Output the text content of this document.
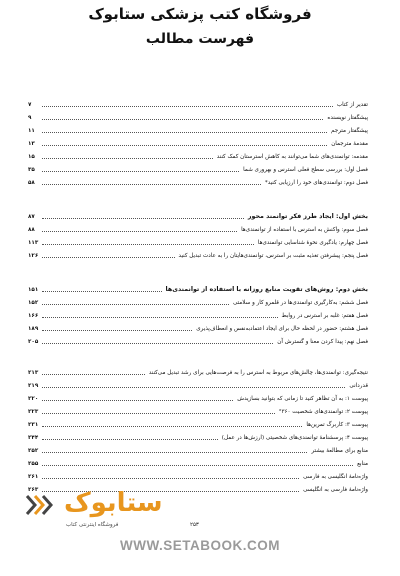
فروشگاه کتب پزشکی ستابوک
فهرست مطالب
تقدیر از کتاب
۷
پیشگفتار نویسنده
۹
پیشگفتار مترجم
۱۱
مقدمهٔ مترجمان
۱۳
مقدمه: توانمندی‌های شما می‌توانند به کاهش استرستان کمک کنند
۱۵
فصل اول: بررسی سطح فعلی استرس و بهروری شما
۳۵
فصل دوم: توانمندی‌های خود را ارزیابی کنید*
۵۸
بخش اول: ایجاد طرز فکر توانمند محور
۸۷
فصل سوم: واکنش به استرس با استفاده از توانمندی‌ها
۸۸
فصل چهارم: یادگیری نحوهٔ شناسایی توانمندی‌ها
۱۱۳
فصل پنجم: پیشرفتن تغذیه مثبت بر استرس، توانمندی‌هایتان را به عادت تبدیل کنید
۱۲۶
بخش دوم: روش‌های تقویت منابع روزانه با استفاده از توانمندی‌ها
۱۵۱
فصل ششم: به‌کارگیری توانمندی‌ها در قلمرو کار و سلامتی
۱۵۲
فصل هفتم: غلبه بر استرس در روابط
۱۶۶
فصل هشتم: حضور در لحظه حال برای ایجاد اعتمادبه‌نفس و انعطاف‌پذیری
۱۸۹
فصل نهم: پیدا کردن معنا و گسترش آن
۲۰۵
نتیجه‌گیری: توانمندی‌ها، چالش‌های مربوط به استرس را به فرصت‌هایی برای رشد تبدیل می‌کنند
۲۱۳
قدردانی
۲۱۹
پیوست ۱: به آن تظاهر کنید تا زمانی که بتوانید بسازیدش
۲۲۰
پیوست ۲: توانمندی‌های شخصیت ۳۶۰°
۲۲۳
پیوست ۳: کاربرگ تمرین‌ها
۲۳۱
پیوست ۴: پرسشنامهٔ توانمندی‌های شخصیتی (ارزش‌ها در عمل)
۲۴۴
منابع برای مطالعهٔ بیشتر
۲۵۲
منابع
۲۵۵
واژه‌نامهٔ انگلیسی به فارسی
۲۶۱
واژه‌نامهٔ فارسی به انگلیسی
۲۶۳ ستابوک
فروشگاه اینترنتی کتاب	۲۵۳
WWW.SETABOOK.COM
